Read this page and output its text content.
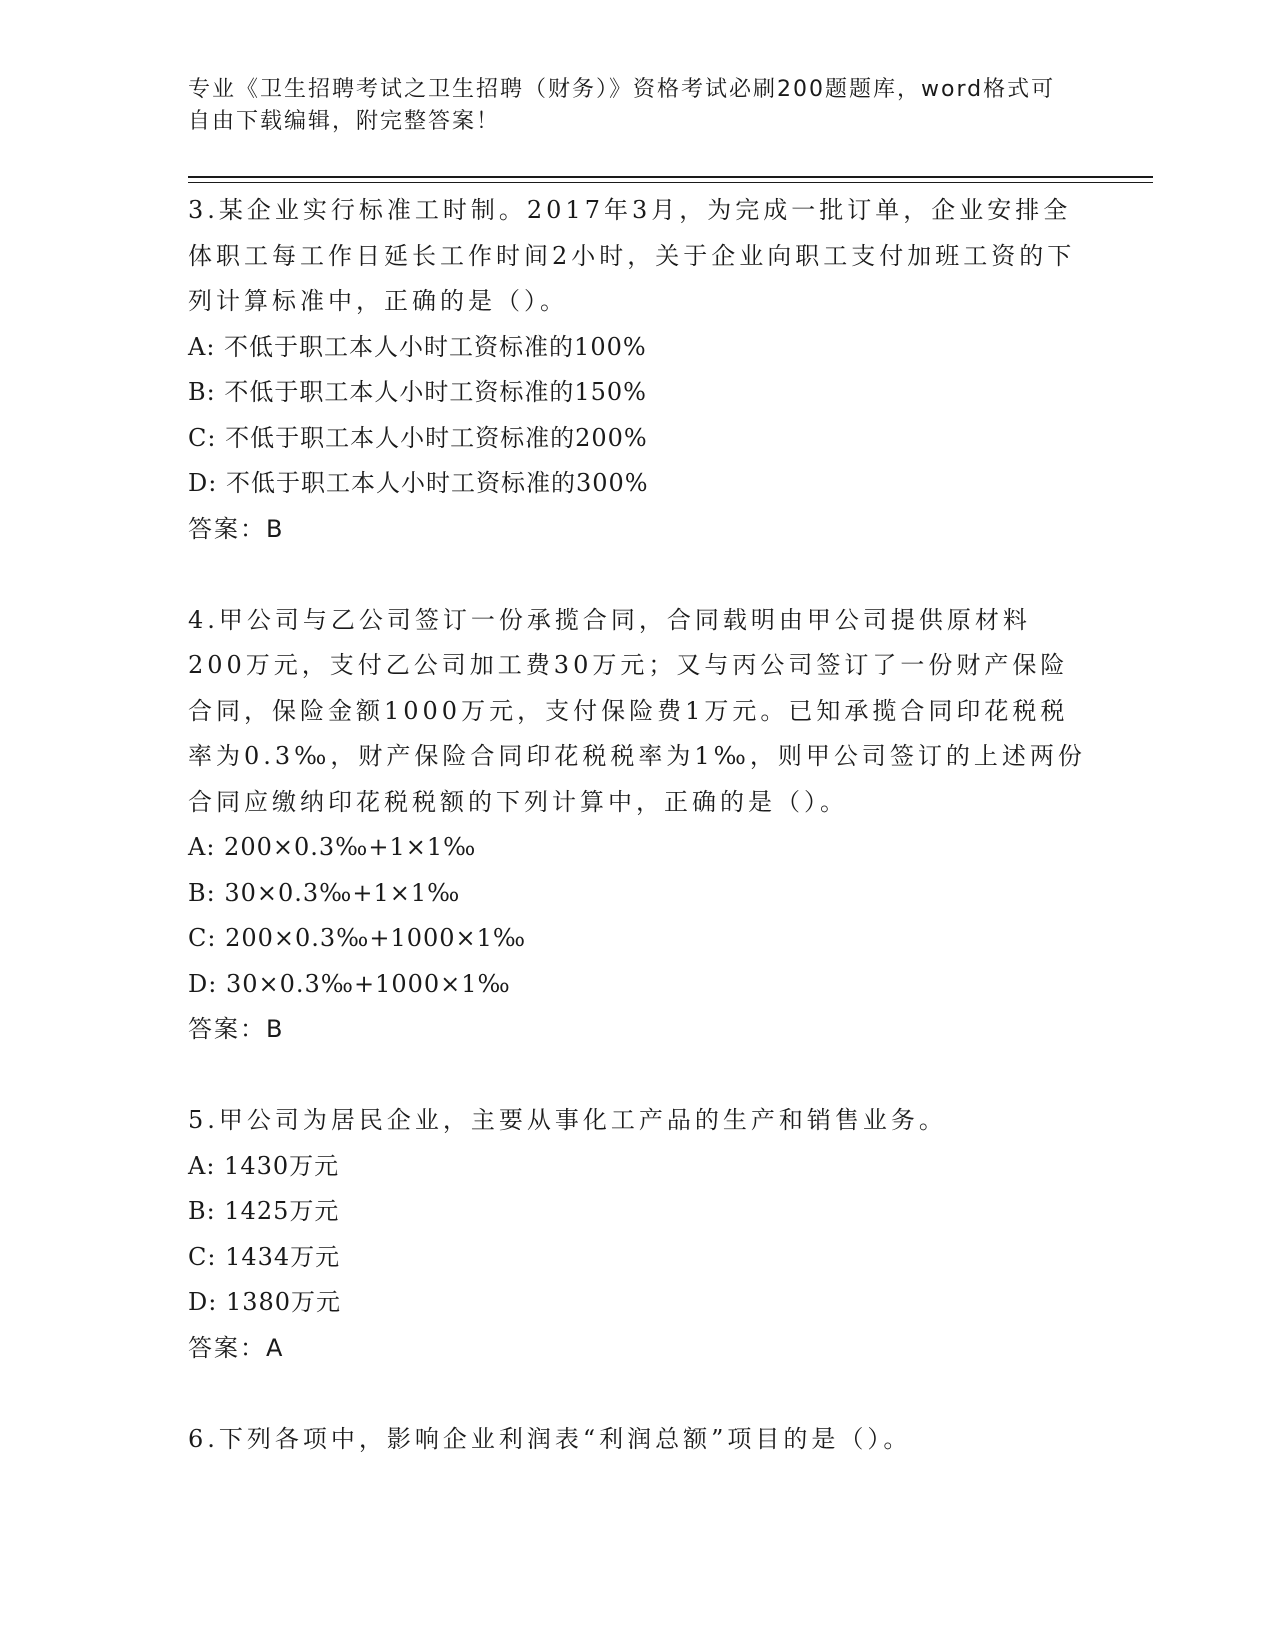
专业《卫生招聘考试之卫生招聘（财务）》资格考试必刷200题题库，word格式可自由下载编辑，附完整答案！

3.某企业实行标准工时制。2017年3月，为完成一批订单，企业安排全体职工每工作日延长工作时间2小时，关于企业向职工支付加班工资的下列计算标准中，正确的是（）。

A: 不低于职工本人小时工资标准的100%

B: 不低于职工本人小时工资标准的150%

C: 不低于职工本人小时工资标准的200%

D: 不低于职工本人小时工资标准的300%

答案：B

4.甲公司与乙公司签订一份承揽合同，合同载明由甲公司提供原材料200万元，支付乙公司加工费30万元；又与丙公司签订了一份财产保险合同，保险金额1000万元，支付保险费1万元。已知承揽合同印花税税率为0.3‰，财产保险合同印花税税率为1‰，则甲公司签订的上述两份合同应缴纳印花税税额的下列计算中，正确的是（）。

A: 200×0.3‰+1×1‰

B: 30×0.3‰+1×1‰

C: 200×0.3‰+1000×1‰

D: 30×0.3‰+1000×1‰

答案：B

5.甲公司为居民企业，主要从事化工产品的生产和销售业务。

A: 1430万元

B: 1425万元

C: 1434万元

D: 1380万元

答案：A

6.下列各项中，影响企业利润表“利润总额”项目的是（）。
